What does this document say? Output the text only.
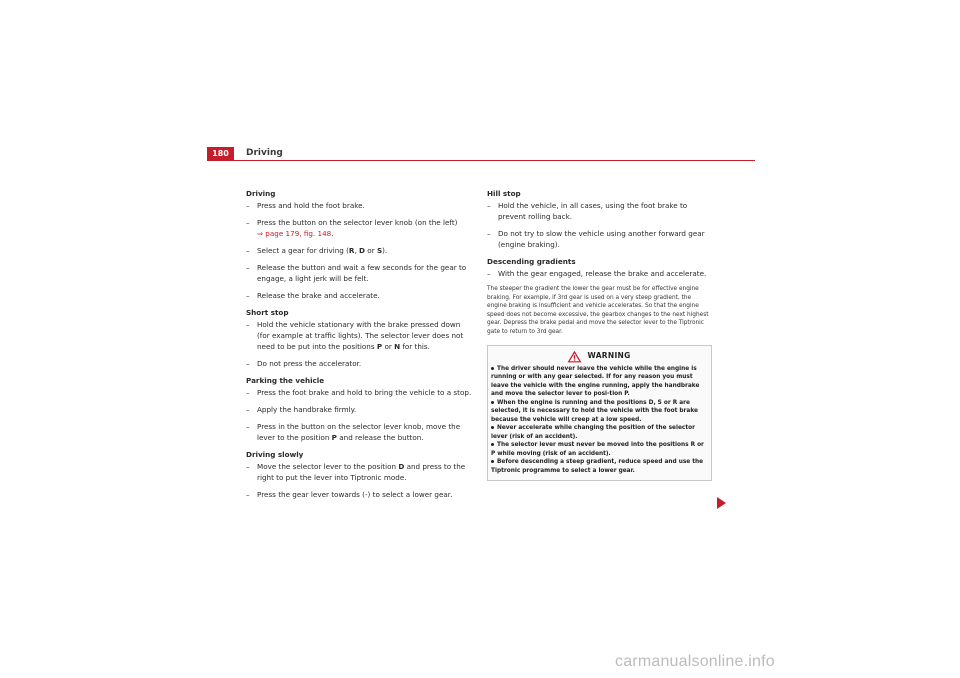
180	Driving
Driving
– Press and hold the foot brake.
– Press the button on the selector lever knob (on the left)
⇒ page 179, fig. 148.
– Select a gear for driving (R, D or S).
– Release the button and wait a few seconds for the gear to engage, a light jerk will be felt.
– Release the brake and accelerate.
Short stop
– Hold the vehicle stationary with the brake pressed down (for example at traffic lights). The selector lever does not need to be put into the positions P or N for this.
– Do not press the accelerator.
Parking the vehicle
– Press the foot brake and hold to bring the vehicle to a stop.
– Apply the handbrake firmly.
– Press in the button on the selector lever knob, move the lever to the position P and release the button.
Driving slowly
– Move the selector lever to the position D and press to the right to put the lever into Tiptronic mode.
– Press the gear lever towards (-) to select a lower gear.
Hill stop
– Hold the vehicle, in all cases, using the foot brake to prevent rolling back.
– Do not try to slow the vehicle using another forward gear (engine braking).
Descending gradients
– With the gear engaged, release the brake and accelerate.
The steeper the gradient the lower the gear must be for effective engine braking. For example, if 3rd gear is used on a very steep gradient, the engine braking is insufficient and vehicle accelerates. So that the engine speed does not become excessive, the gearbox changes to the next highest gear. Depress the brake pedal and move the selector lever to the Tiptronic gate to return to 3rd gear.
WARNING
The driver should never leave the vehicle while the engine is running or with any gear selected. If for any reason you must leave the vehicle with the engine running, apply the handbrake and move the selector lever to posi-tion P.
When the engine is running and the positions D, S or R are selected, it is necessary to hold the vehicle with the foot brake because the vehicle will creep at a low speed.
Never accelerate while changing the position of the selector lever (risk of an accident).
The selector lever must never be moved into the positions R or P while moving (risk of an accident).
Before descending a steep gradient, reduce speed and use the Tiptronic programme to select a lower gear.
carmanualsonline.info
